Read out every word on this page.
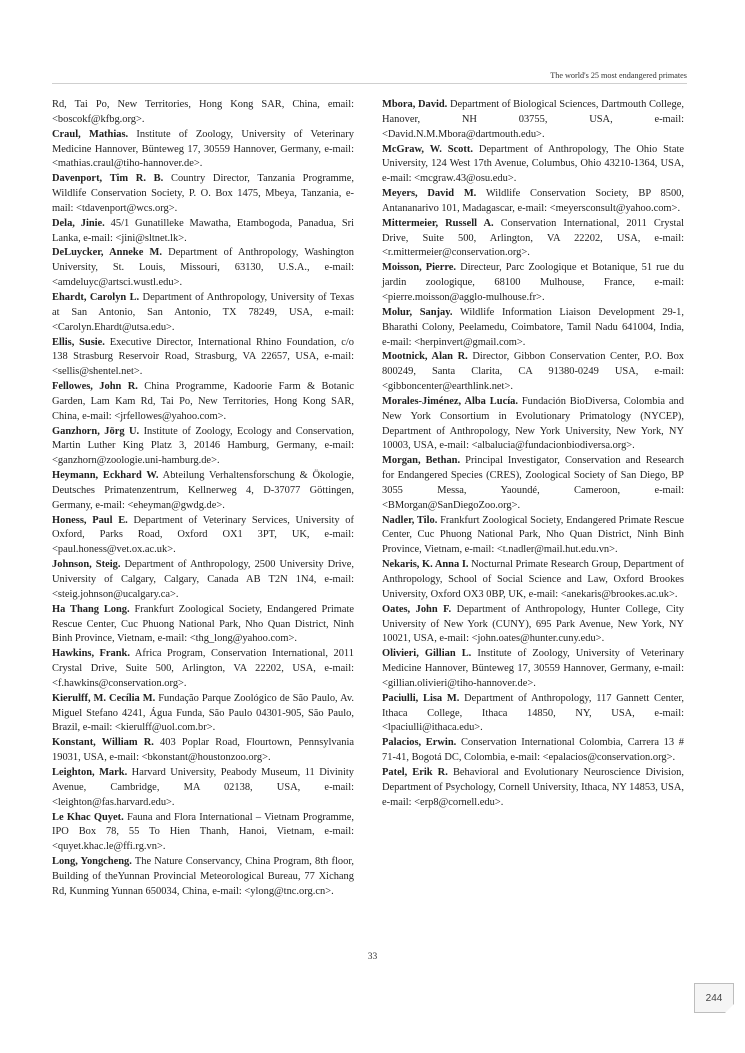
The world's 25 most endangered primates

Rd, Tai Po, New Territories, Hong Kong SAR, China, email: <boscokf@kfbg.org>.

Craul, Mathias. Institute of Zoology, University of Veterinary Medicine Hannover, Bünteweg 17, 30559 Hannover, Germany, e-mail: <mathias.craul@tiho-hannover.de>.

Davenport, Tim R. B. Country Director, Tanzania Programme, Wildlife Conservation Society, P. O. Box 1475, Mbeya, Tanzania, e-mail: <tdavenport@wcs.org>.

Dela, Jinie. 45/1 Gunatilleke Mawatha, Etambogoda, Panadua, Sri Lanka, e-mail: <jini@sltnet.lk>.

DeLuycker, Anneke M. Department of Anthropology, Washington University, St. Louis, Missouri, 63130, U.S.A., e-mail: <amdeluyc@artsci.wustl.edu>.

Ehardt, Carolyn L. Department of Anthropology, University of Texas at San Antonio, San Antonio, TX 78249, USA, e-mail: <Carolyn.Ehardt@utsa.edu>.

Ellis, Susie. Executive Director, International Rhino Foundation, c/o 138 Strasburg Reservoir Road, Strasburg, VA 22657, USA, e-mail: <sellis@shentel.net>.

Fellowes, John R. China Programme, Kadoorie Farm & Botanic Garden, Lam Kam Rd, Tai Po, New Territories, Hong Kong SAR, China, e-mail: <jrfellowes@yahoo.com>.

Ganzhorn, Jörg U. Institute of Zoology, Ecology and Conservation, Martin Luther King Platz 3, 20146 Hamburg, Germany, e-mail: <ganzhorn@zoologie.uni-hamburg.de>.

Heymann, Eckhard W. Abteilung Verhaltensforschung & Ökologie, Deutsches Primatenzentrum, Kellnerweg 4, D-37077 Göttingen, Germany, e-mail: <eheyman@gwdg.de>.

Honess, Paul E. Department of Veterinary Services, University of Oxford, Parks Road, Oxford OX1 3PT, UK, e-mail: <paul.honess@vet.ox.ac.uk>.

Johnson, Steig. Department of Anthropology, 2500 University Drive, University of Calgary, Calgary, Canada AB T2N 1N4, e-mail: <steig.johnson@ucalgary.ca>.

Ha Thang Long. Frankfurt Zoological Society, Endangered Primate Rescue Center, Cuc Phuong National Park, Nho Quan District, Ninh Binh Province, Vietnam, e-mail: <thg_long@yahoo.com>.

Hawkins, Frank. Africa Program, Conservation International, 2011 Crystal Drive, Suite 500, Arlington, VA 22202, USA, e-mail: <f.hawkins@conservation.org>.

Kierulff, M. Cecília M. Fundação Parque Zoológico de São Paulo, Av. Miguel Stefano 4241, Água Funda, São Paulo 04301-905, São Paulo, Brazil, e-mail: <kierulff@uol.com.br>.

Konstant, William R. 403 Poplar Road, Flourtown, Pennsylvania 19031, USA, e-mail: <bkonstant@houstonzoo.org>.

Leighton, Mark. Harvard University, Peabody Museum, 11 Divinity Avenue, Cambridge, MA 02138, USA, e-mail: <leighton@fas.harvard.edu>.

Le Khac Quyet. Fauna and Flora International – Vietnam Programme, IPO Box 78, 55 To Hien Thanh, Hanoi, Vietnam, e-mail: <quyet.khac.le@ffi.rg.vn>.

Long, Yongcheng. The Nature Conservancy, China Program, 8th floor, Building of theYunnan Provincial Meteorological Bureau, 77 Xichang Rd, Kunming Yunnan 650034, China, e-mail: <ylong@tnc.org.cn>.

Mbora, David. Department of Biological Sciences, Dartmouth College, Hanover, NH 03755, USA, e-mail: <David.N.M.Mbora@dartmouth.edu>.

McGraw, W. Scott. Department of Anthropology, The Ohio State University, 124 West 17th Avenue, Columbus, Ohio 43210-1364, USA, e-mail: <mcgraw.43@osu.edu>.

Meyers, David M. Wildlife Conservation Society, BP 8500, Antananarivo 101, Madagascar, e-mail: <meyersconsult@yahoo.com>.

Mittermeier, Russell A. Conservation International, 2011 Crystal Drive, Suite 500, Arlington, VA 22202, USA, e-mail: <r.mittermeier@conservation.org>.

Moisson, Pierre. Directeur, Parc Zoologique et Botanique, 51 rue du jardin zoologique, 68100 Mulhouse, France, e-mail: <pierre.moisson@agglo-mulhouse.fr>.

Molur, Sanjay. Wildlife Information Liaison Development 29-1, Bharathi Colony, Peelamedu, Coimbatore, Tamil Nadu 641004, India, e-mail: <herpinvert@gmail.com>.

Mootnick, Alan R. Director, Gibbon Conservation Center, P.O. Box 800249, Santa Clarita, CA 91380-0249 USA, e-mail: <gibboncenter@earthlink.net>.

Morales-Jiménez, Alba Lucía. Fundación BioDiversa, Colombia and New York Consortium in Evolutionary Primatology (NYCEP), Department of Anthropology, New York University, New York, NY 10003, USA, e-mail: <albalucia@fundacionbiodiversa.org>.

Morgan, Bethan. Principal Investigator, Conservation and Research for Endangered Species (CRES), Zoological Society of San Diego, BP 3055 Messa, Yaoundé, Cameroon, e-mail: <BMorgan@SanDiegoZoo.org>.

Nadler, Tilo. Frankfurt Zoological Society, Endangered Primate Rescue Center, Cuc Phuong National Park, Nho Quan District, Ninh Binh Province, Vietnam, e-mail: <t.nadler@mail.hut.edu.vn>.

Nekaris, K. Anna I. Nocturnal Primate Research Group, Department of Anthropology, School of Social Science and Law, Oxford Brookes University, Oxford OX3 0BP, UK, e-mail: <anekaris@brookes.ac.uk>.

Oates, John F. Department of Anthropology, Hunter College, City University of New York (CUNY), 695 Park Avenue, New York, NY 10021, USA, e-mail: <john.oates@hunter.cuny.edu>.

Olivieri, Gillian L. Institute of Zoology, University of Veterinary Medicine Hannover, Bünteweg 17, 30559 Hannover, Germany, e-mail: <gillian.olivieri@tiho-hannover.de>.

Paciulli, Lisa M. Department of Anthropology, 117 Gannett Center, Ithaca College, Ithaca 14850, NY, USA, e-mail: <lpaciulli@ithaca.edu>.

Palacios, Erwin. Conservation International Colombia, Carrera 13 # 71-41, Bogotá DC, Colombia, e-mail: <epalacios@conservation.org>.

Patel, Erik R. Behavioral and Evolutionary Neuroscience Division, Department of Psychology, Cornell University, Ithaca, NY 14853, USA, e-mail: <erp8@cornell.edu>.

33
244
